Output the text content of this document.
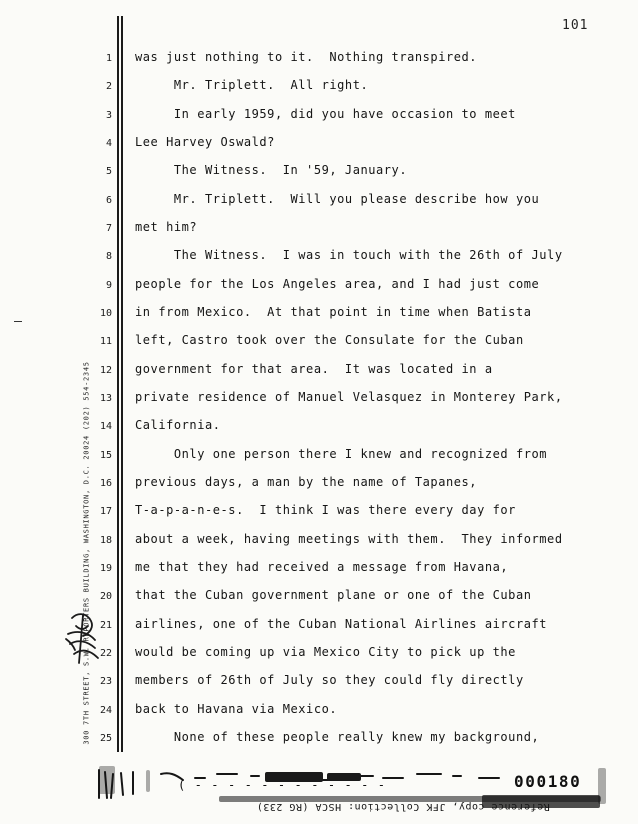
101
300 7TH STREET, S.W. REPORTERS BUILDING, WASHINGTON, D.C. 20024 (202) 554-2345
1
2
3
4
5
6
7
8
9
10
11
12
13
14
15
16
17
18
19
20
21
22
23
24
25
was just nothing to it.  Nothing transpired.
Mr. Triplett.  All right.
In early 1959, did you have occasion to meet
Lee Harvey Oswald?
The Witness.  In '59, January.
Mr. Triplett.  Will you please describe how you
met him?
The Witness.  I was in touch with the 26th of July
people for the Los Angeles area, and I had just come
in from Mexico.  At that point in time when Batista
left, Castro took over the Consulate for the Cuban
government for that area.  It was located in a
private residence of Manuel Velasquez in Monterey Park,
California.
Only one person there I knew and recognized from
previous days, a man by the name of Tapanes,
T-a-p-a-n-e-s.  I think I was there every day for
about a week, having meetings with them.  They informed
me that they had received a message from Havana,
that the Cuban government plane or one of the Cuban
airlines, one of the Cuban National Airlines aircraft
would be coming up via Mexico City to pick up the
members of 26th of July so they could fly directly
back to Havana via Mexico.
None of these people really knew my background,
( - - - - - - - - - - - -	000180
Reference copy, JFK Collection: HSCA (RG 233)
